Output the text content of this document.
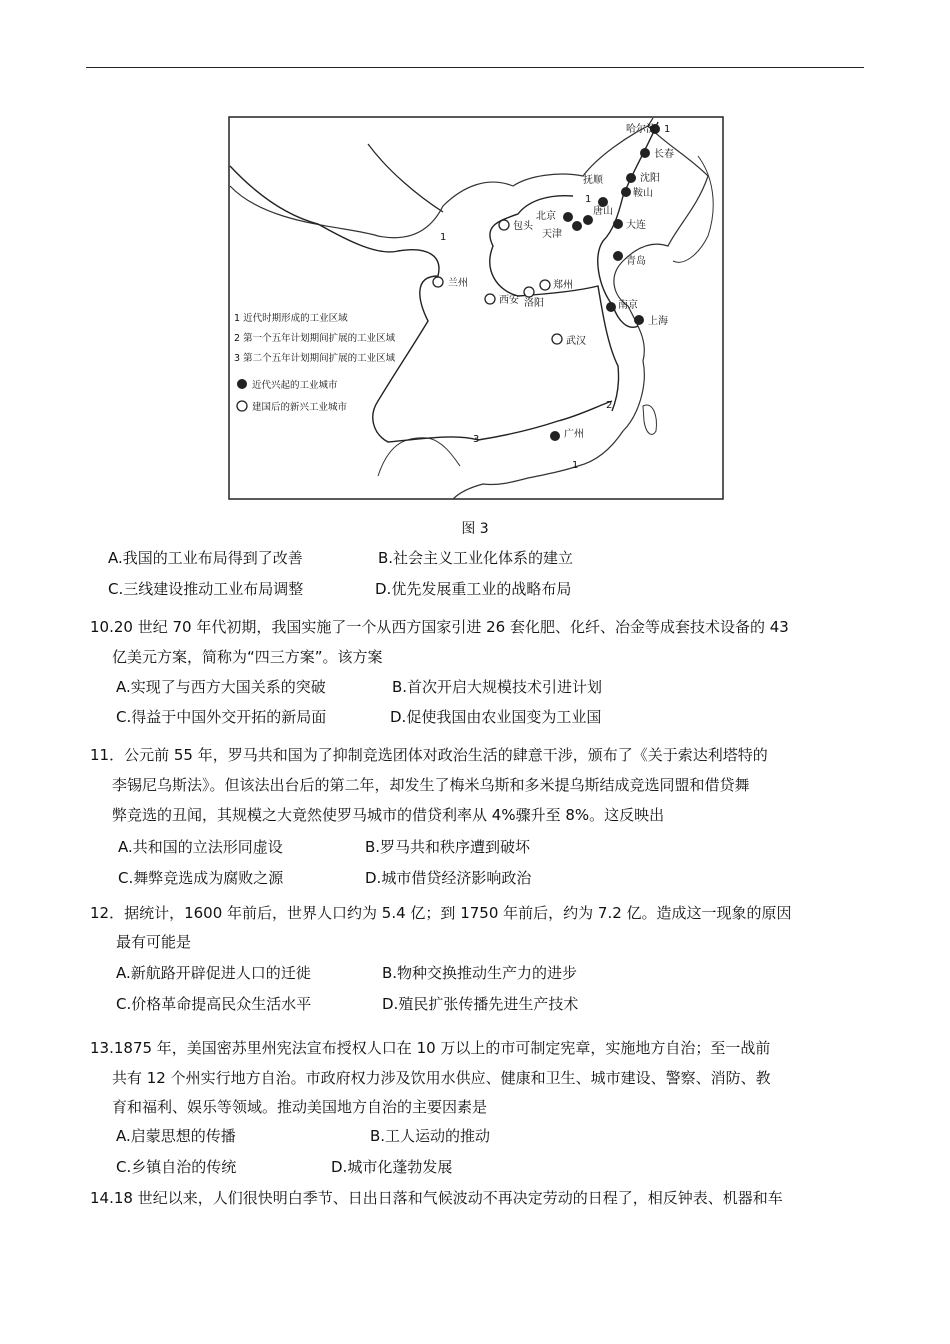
1
1
2
3
1
1
哈尔滨
长春
沈阳
鞍山
抚顺
北京
天津
唐山
大连
青岛
南京
上海
广州
包头
兰州
西安 洛阳
郑州
武汉
1 近代时期形成的工业区域
2 第一个五年计划期间扩展的工业区域
3 第二个五年计划期间扩展的工业区域
近代兴起的工业城市
建国后的新兴工业城市
图 3
A.我国的工业布局得到了改善	B.社会主义工业化体系的建立
C.三线建设推动工业布局调整	D.优先发展重工业的战略布局
10.20 世纪 70 年代初期，我国实施了一个从西方国家引进 26 套化肥、化纤、冶金等成套技术设备的 43
亿美元方案，简称为“四三方案”。该方案
A.实现了与西方大国关系的突破	B.首次开启大规模技术引进计划
C.得益于中国外交开拓的新局面	D.促使我国由农业国变为工业国
11．公元前 55 年，罗马共和国为了抑制竞选团体对政治生活的肆意干涉，颁布了《关于索达利塔特的
李锡尼乌斯法》。但该法出台后的第二年，却发生了梅米乌斯和多米提乌斯结成竞选同盟和借贷舞
弊竞选的丑闻，其规模之大竟然使罗马城市的借贷利率从 4%骤升至 8%。这反映出
A.共和国的立法形同虚设	B.罗马共和秩序遭到破坏
C.舞弊竞选成为腐败之源	D.城市借贷经济影响政治
12．据统计，1600 年前后，世界人口约为 5.4 亿；到 1750 年前后，约为 7.2 亿。造成这一现象的原因
最有可能是
A.新航路开辟促进人口的迁徙	B.物种交换推动生产力的进步
C.价格革命提高民众生活水平	D.殖民扩张传播先进生产技术
13.1875 年，美国密苏里州宪法宣布授权人口在 10 万以上的市可制定宪章，实施地方自治；至一战前
共有 12 个州实行地方自治。市政府权力涉及饮用水供应、健康和卫生、城市建设、警察、消防、教
育和福利、娱乐等领域。推动美国地方自治的主要因素是
A.启蒙思想的传播	B.工人运动的推动
C.乡镇自治的传统	D.城市化蓬勃发展
14.18 世纪以来，人们很快明白季节、日出日落和气候波动不再决定劳动的日程了，相反钟表、机器和车
